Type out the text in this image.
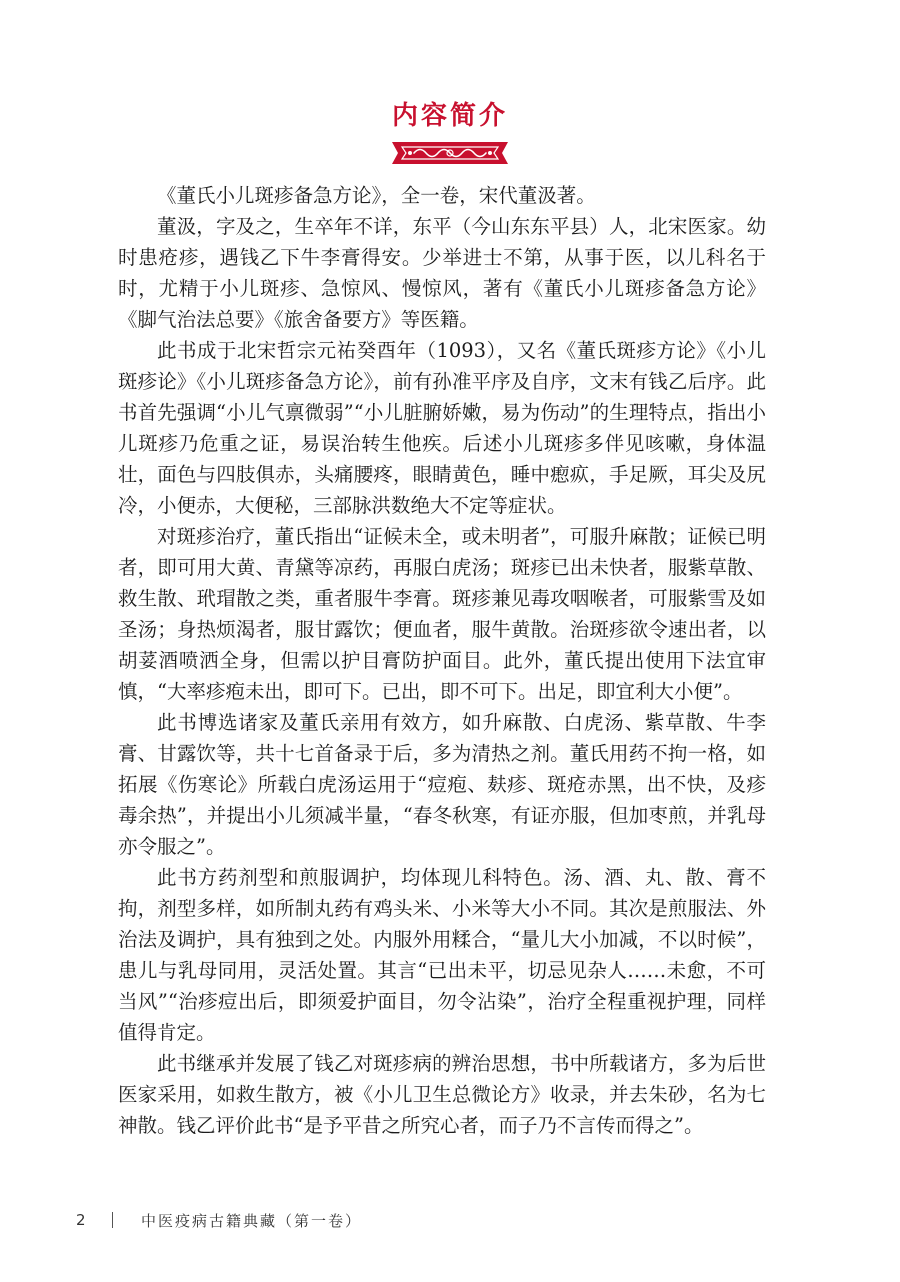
内容简介

《董氏小儿斑疹备急方论》，全一卷，宋代董汲著。

董汲，字及之，生卒年不详，东平（今山东东平县）人，北宋医家。幼时患疮疹，遇钱乙下牛李膏得安。少举进士不第，从事于医，以儿科名于时，尤精于小儿斑疹、急惊风、慢惊风，著有《董氏小儿斑疹备急方论》《脚气治法总要》《旅舍备要方》等医籍。

此书成于北宋哲宗元祐癸酉年（1093），又名《董氏斑疹方论》《小儿斑疹论》《小儿斑疹备急方论》，前有孙准平序及自序，文末有钱乙后序。此书首先强调“小儿气禀微弱”“小儿脏腑娇嫩，易为伤动”的生理特点，指出小儿斑疹乃危重之证，易误治转生他疾。后述小儿斑疹多伴见咳嗽，身体温壮，面色与四肢俱赤，头痛腰疼，眼睛黄色，睡中瘛疭，手足厥，耳尖及尻冷，小便赤，大便秘，三部脉洪数绝大不定等症状。

对斑疹治疗，董氏指出“证候未全，或未明者”，可服升麻散；证候已明者，即可用大黄、青黛等凉药，再服白虎汤；斑疹已出未快者，服紫草散、救生散、玳瑁散之类，重者服牛李膏。斑疹兼见毒攻咽喉者，可服紫雪及如圣汤；身热烦渴者，服甘露饮；便血者，服牛黄散。治斑疹欲令速出者，以胡荽酒喷洒全身，但需以护目膏防护面目。此外，董氏提出使用下法宜审慎，“大率疹疱未出，即可下。已出，即不可下。出足，即宜利大小便”。

此书博选诸家及董氏亲用有效方，如升麻散、白虎汤、紫草散、牛李膏、甘露饮等，共十七首备录于后，多为清热之剂。董氏用药不拘一格，如拓展《伤寒论》所载白虎汤运用于“痘疱、麸疹、斑疮赤黑，出不快，及疹毒余热”，并提出小儿须减半量，“春冬秋寒，有证亦服，但加枣煎，并乳母亦令服之”。

此书方药剂型和煎服调护，均体现儿科特色。汤、酒、丸、散、膏不拘，剂型多样，如所制丸药有鸡头米、小米等大小不同。其次是煎服法、外治法及调护，具有独到之处。内服外用糅合，“量儿大小加减，不以时候”，患儿与乳母同用，灵活处置。其言“已出未平，切忌见杂人……未愈，不可当风”“治疹痘出后，即须爱护面目，勿令沾染”，治疗全程重视护理，同样值得肯定。

此书继承并发展了钱乙对斑疹病的辨治思想，书中所载诸方，多为后世医家采用，如救生散方，被《小儿卫生总微论方》收录，并去朱砂，名为七神散。钱乙评价此书“是予平昔之所究心者，而子乃不言传而得之”。

2	中医疫病古籍典藏（第一卷）
